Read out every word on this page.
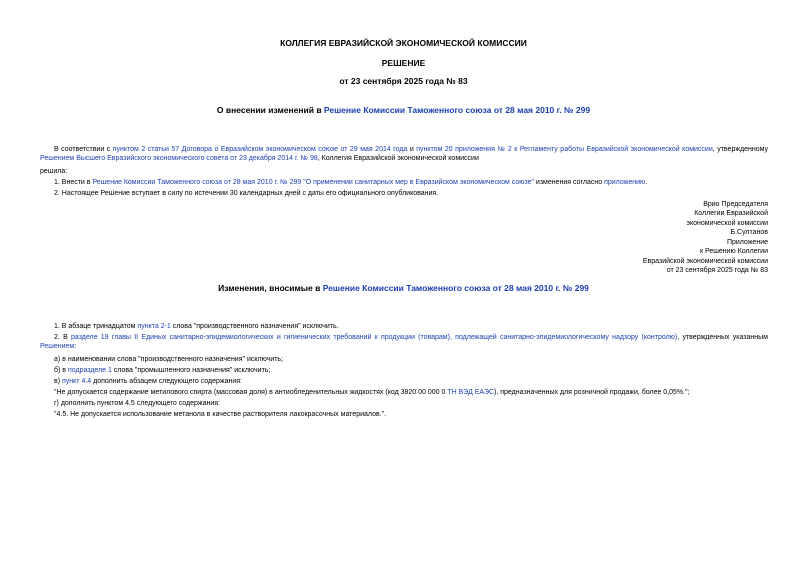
КОЛЛЕГИЯ ЕВРАЗИЙСКОЙ ЭКОНОМИЧЕСКОЙ КОМИССИИ
РЕШЕНИЕ
от 23 сентября 2025 года № 83
О внесении изменений в Решение Комиссии Таможенного союза от 28 мая 2010 г. № 299
В соответствии с пунктом 2 статьи 57 Договора о Евразийском экономическом союзе от 29 мая 2014 года и пунктом 20 приложения № 2 к Регламенту работы Евразийской экономической комиссии, утвержденному Решением Высшего Евразийского экономического совета от 23 декабря 2014 г. № 98, Коллегия Евразийской экономической комиссии
решила:
1. Внести в Решение Комиссии Таможенного союза от 28 мая 2010 г. № 299 "О применении санитарных мер в Евразийском экономическом союзе" изменения согласно приложению.
2. Настоящее Решение вступает в силу по истечении 30 календарных дней с даты его официального опубликования.
Врио Председателя
Коллегии Евразийской
экономической комиссии
Б.Султанов
Приложение
к Решению Коллегии
Евразийской экономической комиссии
от 23 сентября 2025 года № 83
Изменения, вносимые в Решение Комиссии Таможенного союза от 28 мая 2010 г. № 299
1. В абзаце тринадцатом пункта 2-1 слова "производственного назначения" исключить.
2. В разделе 19 главы II Единых санитарно-эпидемиологических и гигиенических требований к продукции (товарам), подлежащей санитарно-эпидемиологическому надзору (контролю), утвержденных указанным Решением:
а) в наименовании слова "производственного назначения" исключить;
б) в подразделе 1 слова "промышленного назначения" исключить;
в) пункт 4.4 дополнить абзацем следующего содержания:
"Не допускается содержание метилового спирта (массовая доля) в антиобледенительных жидкостях (код 3820 00 000 0 ТН ВЭД ЕАЭС), предназначенных для розничной продажи, более 0,05%.";
г) дополнить пунктом 4.5 следующего содержания:
"4.5. Не допускается использование метанола в качестве растворителя лакокрасочных материалов.".
